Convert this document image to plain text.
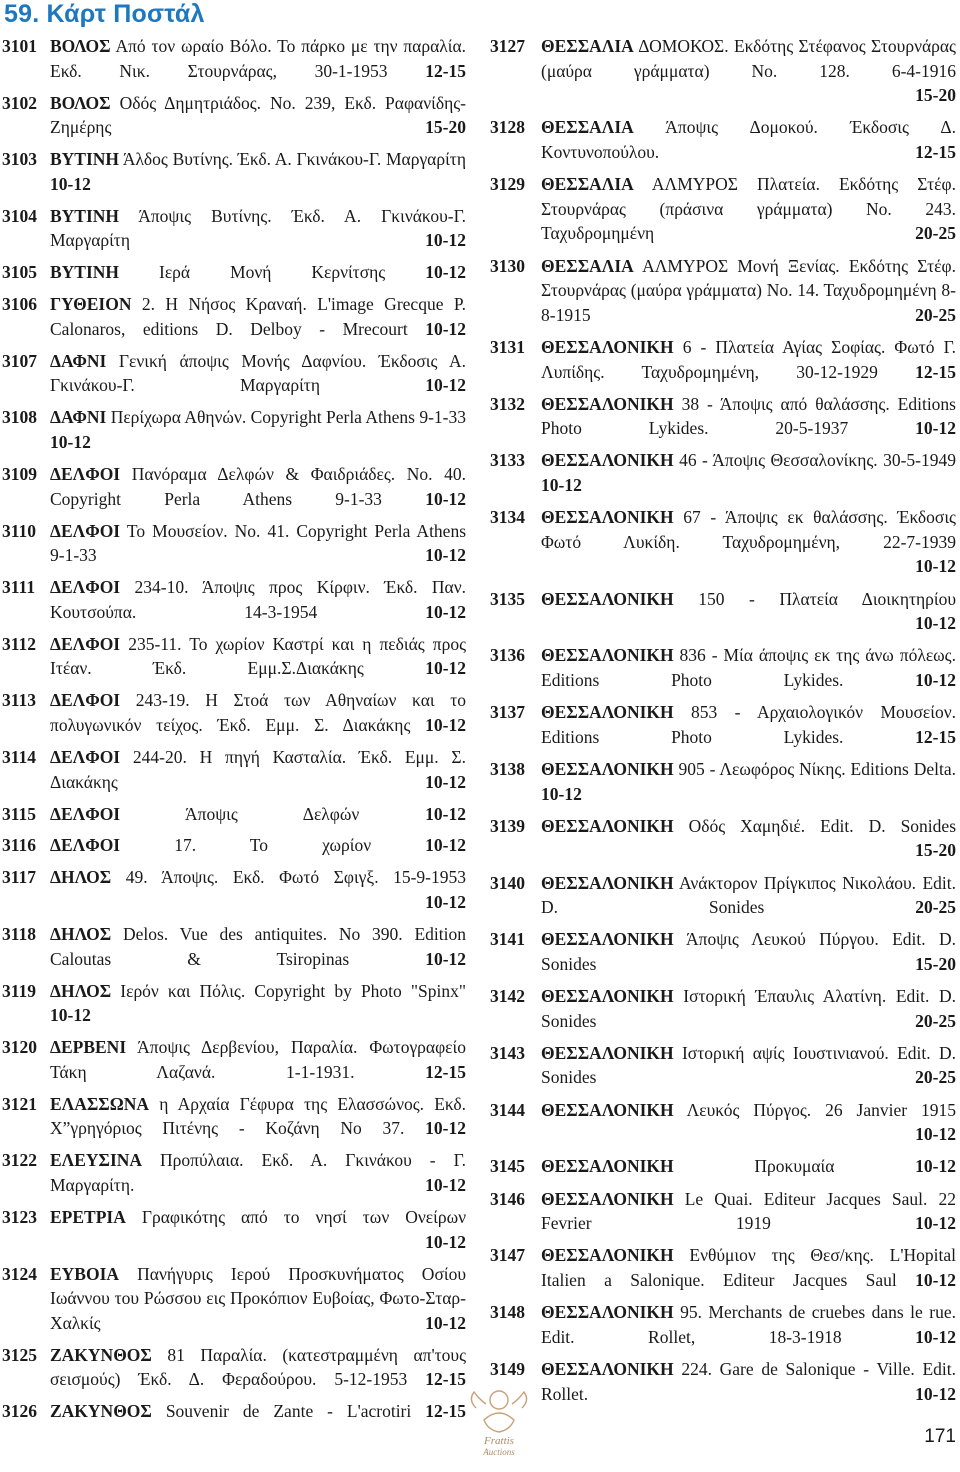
59. Κάρτ Ποστάλ
3101 ΒΟΛΟΣ Από τον ωραίο Βόλο. Το πάρκο με την παραλία. Εκδ. Νικ. Στουρνάρας, 30-1-1953 12-15
3102 ΒΟΛΟΣ Οδός Δημητριάδος. Νο. 239, Εκδ. Ραφανίδης-Ζημέρης	15-20
3103 ΒΥΤΙΝΗ Άλδος Βυτίνης. Έκδ. Α. Γκινάκου-Γ. Μαργαρίτη 10-12
3104 ΒΥΤΙΝΗ Άποψις Βυτίνης. Έκδ. Α. Γκινάκου-Γ. Μαργαρίτη	10-12
3105 ΒΥΤΙΝΗ Ιερά Μονή Κερνίτσης 10-12
3106 ΓΥΘΕΙΟΝ 2. Η Νήσος Κραναή. L'image Grecque P. Calonaros, editions D. Delboy - Mrecourt 10-12
3107 ΔΑΦΝΙ Γενική άποψις Μονής Δαφνίου. Έκδοσις Α. Γκινάκου-Γ. Μαργαρίτη	10-12
3108 ΔΑΦΝΙ Περίχωρα Αθηνών. Copyright Perla Athens 9-1-33 10-12
3109 ΔΕΛΦΟΙ Πανόραμα Δελφών & Φαιδριάδες. Νο. 40. Copyright Perla Athens 9-1-33 10-12
3110 ΔΕΛΦΟΙ Το Μουσείον. Νο. 41. Copyright Perla Athens 9-1-33	10-12
3111 ΔΕΛΦΟΙ 234-10. Άποψις προς Κίρφιν. Έκδ. Παν. Κουτσούπα. 14-3-1954	10-12
3112 ΔΕΛΦΟΙ 235-11. Το χωρίον Καστρί και η πεδιάς προς Ιτέαν. Έκδ. Εμμ.Σ.Διακάκης	10-12
3113 ΔΕΛΦΟΙ 243-19. Η Στοά των Αθηναίων και το πολυγωνικόν τείχος. Έκδ. Εμμ. Σ. Διακάκης 10-12
3114 ΔΕΛΦΟΙ 244-20. Η πηγή Κασταλία. Έκδ. Εμμ. Σ. Διακάκης	10-12
3115 ΔΕΛΦΟΙ	Άποψις Δελφών	10-12
3116 ΔΕΛΦΟΙ	17. Το χωρίον	10-12
3117 ΔΗΛΟΣ 49. Άποψις. Εκδ. Φωτό Σφιγξ. 15-9-1953
10-12
3118 ΔΗΛΟΣ Delos. Vue des antiquites. No 390. Edition Caloutas & Tsiropinas	10-12
3119 ΔΗΛΟΣ Ιερόν και Πόλις. Copyright by Photo "Spinx" 10-12
3120 ΔΕΡΒΕΝΙ Άποψις Δερβενίου, Παραλία. Φωτογραφείο Τάκη Λαζανά. 1-1-1931.	12-15
3121 ΕΛΑΣΣΩΝΑ η Αρχαία Γέφυρα της Ελασσώνος. Εκδ. Χ”γρηγόριος Πιτένης - Κοζάνη Νο 37. 10-12
3122 ΕΛΕΥΣΙΝΑ Προπύλαια. Εκδ. Α. Γκινάκου - Γ. Μαργαρίτη.	10-12
3123 ΕΡΕΤΡΙΑ Γραφικότης από το νησί των Ονείρων
10-12
3124 ΕΥΒΟΙΑ Πανήγυρις Ιερού Προσκυνήματος Οσίου Ιωάννου του Ρώσσου εις Προκόπιον Ευβοίας, Φωτο-Σταρ-Χαλκίς	10-12
3125 ΖΑΚΥΝΘΟΣ 81 Παραλία. (κατεστραμμένη απ'τους σεισμούς) Έκδ. Δ. Φεραδούρου. 5-12-1953 12-15
3126 ΖΑΚΥΝΘΟΣ Souvenir de Zante - L'acrotiri 12-15
3127 ΘΕΣΣΑΛΙΑ ΔΟΜΟΚΟΣ. Εκδότης Στέφανος Στουρνάρας (μαύρα γράμματα) Νο. 128. 6-4-1916
15-20
3128 ΘΕΣΣΑΛΙΑ Άποψις Δομοκού. Έκδοσις Δ. Κοντυνοπούλου.	12-15
3129 ΘΕΣΣΑΛΙΑ ΑΛΜΥΡΟΣ Πλατεία. Εκδότης Στέφ. Στουρνάρας (πράσινα γράμματα) Νο. 243. Ταχυδρομημένη	20-25
3130 ΘΕΣΣΑΛΙΑ ΑΛΜΥΡΟΣ Μονή Ξενίας. Εκδότης Στέφ. Στουρνάρας (μαύρα γράμματα) Νο. 14. Ταχυδρομημένη 8-8-1915	20-25
3131 ΘΕΣΣΑΛΟΝΙΚΗ 6 - Πλατεία Αγίας Σοφίας. Φωτό Γ. Λυπίδης. Ταχυδρομημένη, 30-12-1929 12-15
3132 ΘΕΣΣΑΛΟΝΙΚΗ 38 - Άποψις από θαλάσσης. Editions Photo Lykides. 20-5-1937	10-12
3133 ΘΕΣΣΑΛΟΝΙΚΗ 46 - Άποψις Θεσσαλονίκης. 30-5-1949 10-12
3134 ΘΕΣΣΑΛΟΝΙΚΗ 67 - Άποψις εκ θαλάσσης. Έκδοσις Φωτό Λυκίδη. Ταχυδρομημένη, 22-7-1939
10-12
3135 ΘΕΣΣΑΛΟΝΙΚΗ 150 - Πλατεία Διοικητηρίου
10-12
3136 ΘΕΣΣΑΛΟΝΙΚΗ 836 - Μία άποψις εκ της άνω πόλεως. Editions Photo Lykides.	10-12
3137 ΘΕΣΣΑΛΟΝΙΚΗ 853 - Αρχαιολογικόν Μουσείον. Editions Photo Lykides.	12-15
3138 ΘΕΣΣΑΛΟΝΙΚΗ 905 - Λεωφόρος Νίκης. Editions Delta. 10-12
3139 ΘΕΣΣΑΛΟΝΙΚΗ Οδός Χαμηδιέ. Edit. D. Sonides
15-20
3140 ΘΕΣΣΑΛΟΝΙΚΗ Ανάκτορον Πρίγκιπος Νικολάου. Edit. D. Sonides	20-25
3141 ΘΕΣΣΑΛΟΝΙΚΗ Άποψις Λευκού Πύργου. Edit. D. Sonides	15-20
3142 ΘΕΣΣΑΛΟΝΙΚΗ Ιστορική Έπαυλις Αλατίνη. Edit. D. Sonides	20-25
3143 ΘΕΣΣΑΛΟΝΙΚΗ Ιστορική αψίς Ιουστινιανού. Edit. D. Sonides	20-25
3144 ΘΕΣΣΑΛΟΝΙΚΗ Λευκός Πύργος. 26 Janvier 1915
10-12
3145 ΘΕΣΣΑΛΟΝΙΚΗ	Προκυμαία	10-12
3146 ΘΕΣΣΑΛΟΝΙΚΗ Le Quai. Editeur Jacques Saul. 22 Fevrier 1919	10-12
3147 ΘΕΣΣΑΛΟΝΙΚΗ Ενθύμιον της Θεσ/κης. L'Hopital Italien a Salonique. Editeur Jacques Saul 10-12
3148 ΘΕΣΣΑΛΟΝΙΚΗ 95. Merchants de cruebes dans le rue. Edit. Rollet, 18-3-1918	10-12
3149 ΘΕΣΣΑΛΟΝΙΚΗ 224. Gare de Salonique - Ville. Edit. Rollet.	10-12
Frattis
Auctions
171
